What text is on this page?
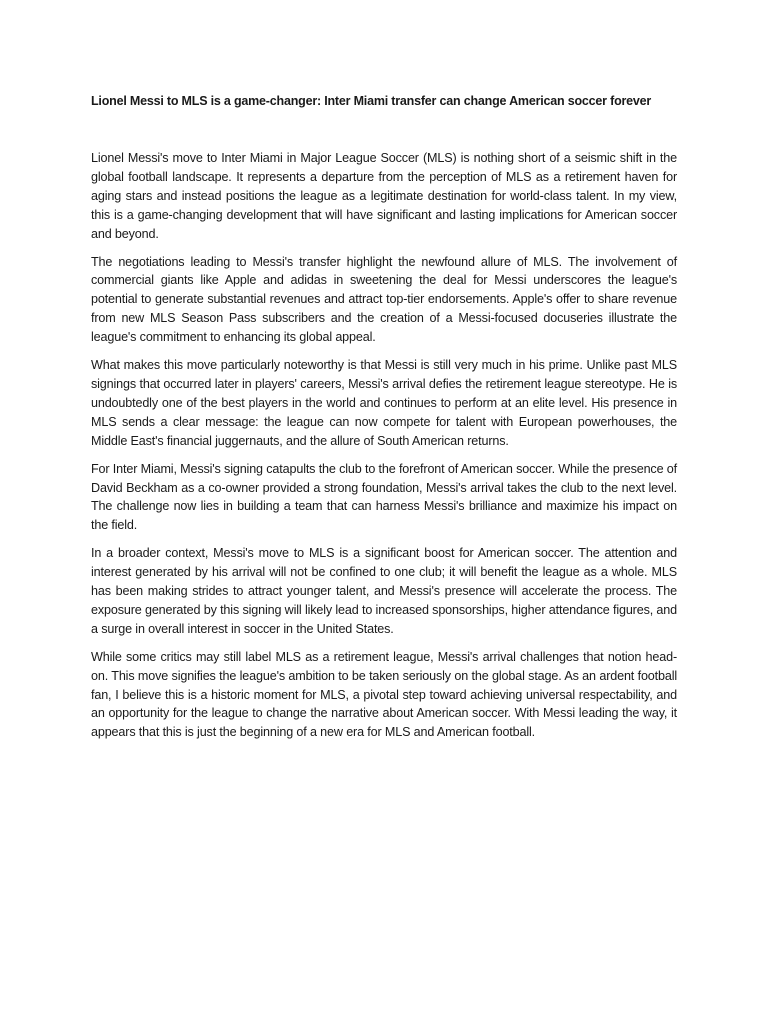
Lionel Messi to MLS is a game-changer: Inter Miami transfer can change American soccer forever

Lionel Messi's move to Inter Miami in Major League Soccer (MLS) is nothing short of a seismic shift in the global football landscape. It represents a departure from the perception of MLS as a retirement haven for aging stars and instead positions the league as a legitimate destination for world-class talent. In my view, this is a game-changing development that will have significant and lasting implications for American soccer and beyond.

The negotiations leading to Messi's transfer highlight the newfound allure of MLS. The involvement of commercial giants like Apple and adidas in sweetening the deal for Messi underscores the league's potential to generate substantial revenues and attract top-tier endorsements. Apple's offer to share revenue from new MLS Season Pass subscribers and the creation of a Messi-focused docuseries illustrate the league's commitment to enhancing its global appeal.

What makes this move particularly noteworthy is that Messi is still very much in his prime. Unlike past MLS signings that occurred later in players' careers, Messi's arrival defies the retirement league stereotype. He is undoubtedly one of the best players in the world and continues to perform at an elite level. His presence in MLS sends a clear message: the league can now compete for talent with European powerhouses, the Middle East's financial juggernauts, and the allure of South American returns.

For Inter Miami, Messi's signing catapults the club to the forefront of American soccer. While the presence of David Beckham as a co-owner provided a strong foundation, Messi's arrival takes the club to the next level. The challenge now lies in building a team that can harness Messi's brilliance and maximize his impact on the field.

In a broader context, Messi's move to MLS is a significant boost for American soccer. The attention and interest generated by his arrival will not be confined to one club; it will benefit the league as a whole. MLS has been making strides to attract younger talent, and Messi's presence will accelerate the process. The exposure generated by this signing will likely lead to increased sponsorships, higher attendance figures, and a surge in overall interest in soccer in the United States.

While some critics may still label MLS as a retirement league, Messi's arrival challenges that notion head-on. This move signifies the league's ambition to be taken seriously on the global stage. As an ardent football fan, I believe this is a historic moment for MLS, a pivotal step toward achieving universal respectability, and an opportunity for the league to change the narrative about American soccer. With Messi leading the way, it appears that this is just the beginning of a new era for MLS and American football.
